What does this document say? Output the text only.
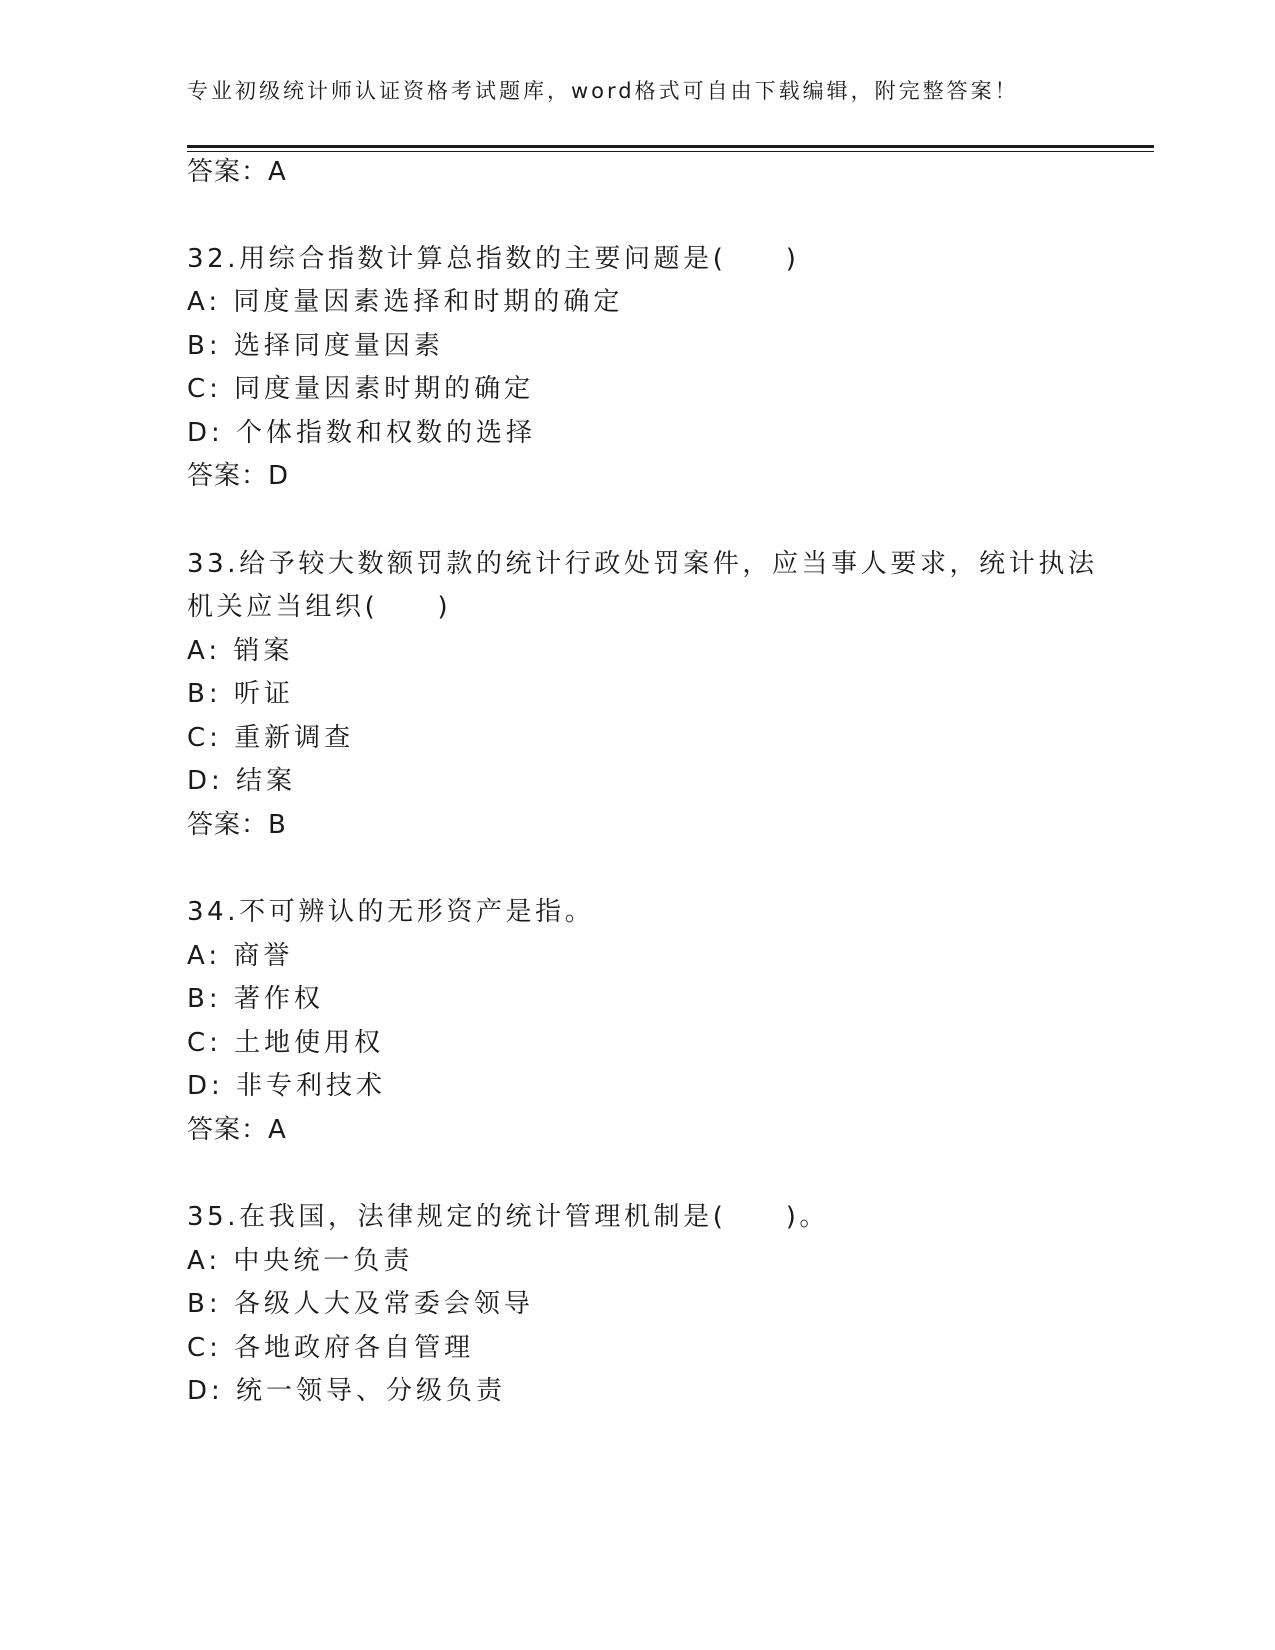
专业初级统计师认证资格考试题库，word格式可自由下载编辑，附完整答案！
答案：A
32.用综合指数计算总指数的主要问题是(　　)
A: 同度量因素选择和时期的确定
B: 选择同度量因素
C: 同度量因素时期的确定
D: 个体指数和权数的选择
答案：D
33.给予较大数额罚款的统计行政处罚案件，应当事人要求，统计执法
机关应当组织(　　)
A: 销案
B: 听证
C: 重新调查
D: 结案
答案：B
34.不可辨认的无形资产是指。
A: 商誉
B: 著作权
C: 土地使用权
D: 非专利技术
答案：A
35.在我国，法律规定的统计管理机制是(　　)。
A: 中央统一负责
B: 各级人大及常委会领导
C: 各地政府各自管理
D: 统一领导、分级负责
